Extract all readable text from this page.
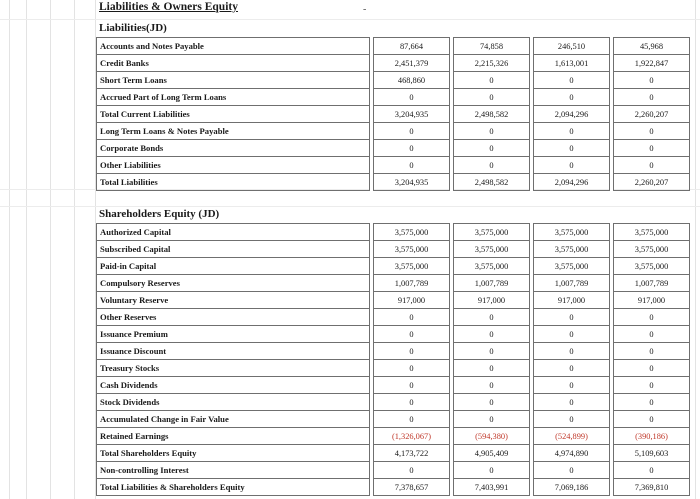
Liabilities & Owners Equity	-
Liabilities(JD)
Accounts and Notes Payable		87,664		74,858		246,510		45,968
Credit Banks		2,451,379		2,215,326		1,613,001		1,922,847
Short Term Loans		468,860		0		0		0
Accrued Part of Long Term Loans		0		0		0		0
Total Current Liabilities		3,204,935		2,498,582		2,094,296		2,260,207
Long Term Loans & Notes Payable		0		0		0		0
Corporate Bonds		0		0		0		0
Other Liabilities		0		0		0		0
Total Liabilities		3,204,935		2,498,582		2,094,296		2,260,207
Shareholders Equity (JD)
Authorized Capital		3,575,000		3,575,000		3,575,000		3,575,000
Subscribed Capital		3,575,000		3,575,000		3,575,000		3,575,000
Paid-in Capital		3,575,000		3,575,000		3,575,000		3,575,000
Compulsory Reserves		1,007,789		1,007,789		1,007,789		1,007,789
Voluntary Reserve		917,000		917,000		917,000		917,000
Other Reserves		0		0		0		0
Issuance Premium		0		0		0		0
Issuance Discount		0		0		0		0
Treasury Stocks		0		0		0		0
Cash Dividends		0		0		0		0
Stock Dividends		0		0		0		0
Accumulated Change in Fair Value		0		0		0		0
Retained Earnings		(1,326,067)		(594,380)		(524,899)		(390,186)
Total Shareholders Equity		4,173,722		4,905,409		4,974,890		5,109,603
Non-controlling Interest		0		0		0		0
Total Liabilities & Shareholders Equity		7,378,657		7,403,991		7,069,186		7,369,810
